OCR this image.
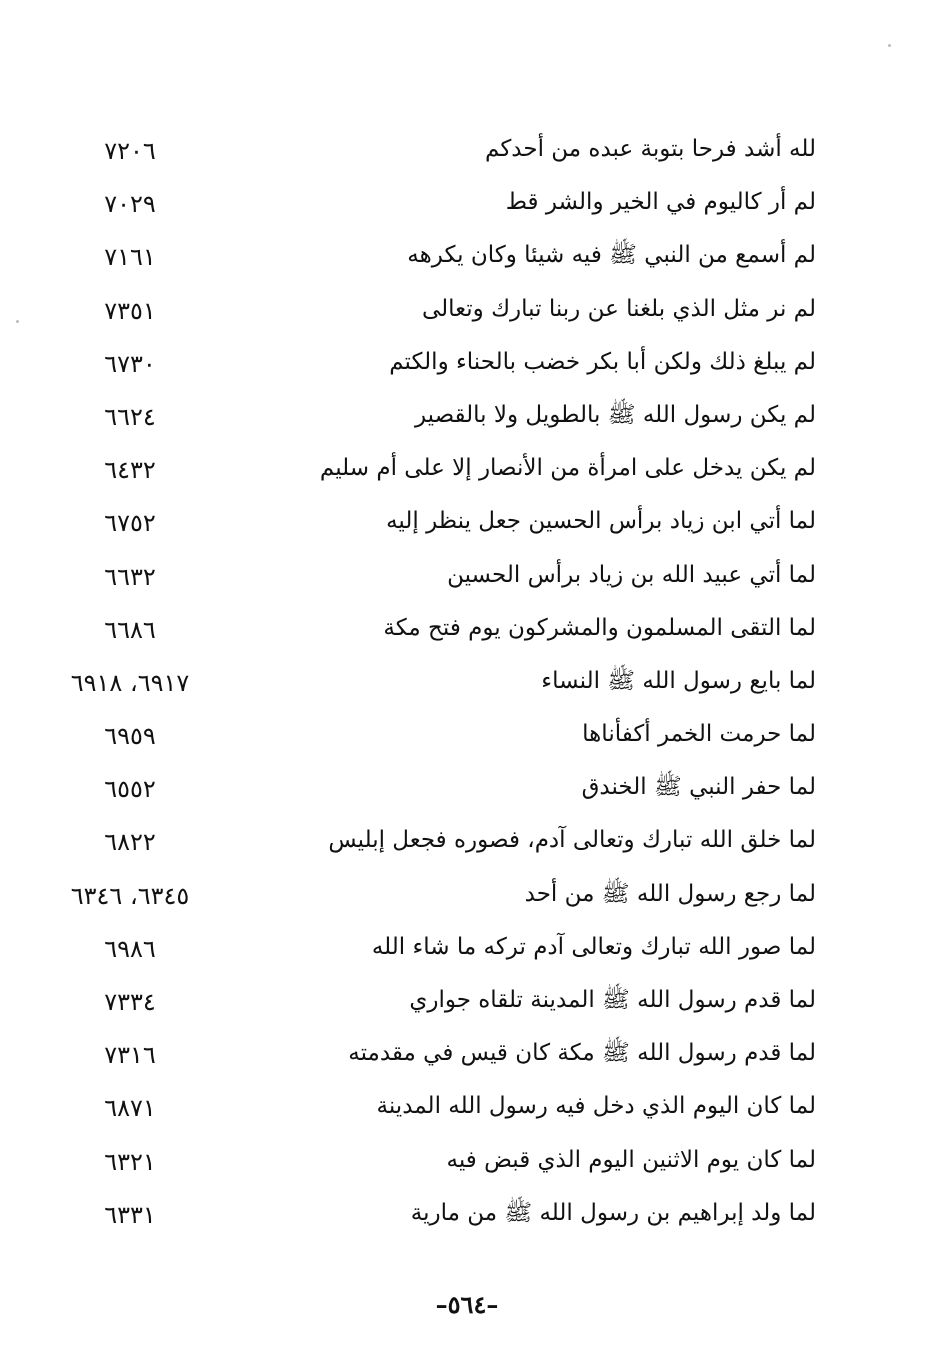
لله أشد فرحا بتوبة عبده من أحدكم
٧٢٠٦
لم أر كاليوم في الخير والشر قط
٧٠٢٩
لم أسمع من النبي ﷺ فيه شيئا وكان يكرهه
٧١٦١
لم نر مثل الذي بلغنا عن ربنا تبارك وتعالى
٧٣٥١
لم يبلغ ذلك ولكن أبا بكر خضب بالحناء والكتم
٦٧٣٠
لم يكن رسول الله ﷺ بالطويل ولا بالقصير
٦٦٢٤
لم يكن يدخل على امرأة من الأنصار إلا على أم سليم
٦٤٣٢
لما أتي ابن زياد برأس الحسين جعل ينظر إليه
٦٧٥٢
لما أتي عبيد الله بن زياد برأس الحسين
٦٦٣٢
لما التقى المسلمون والمشركون يوم فتح مكة
٦٦٨٦
لما بايع رسول الله ﷺ النساء
٦٩١٧، ٦٩١٨
لما حرمت الخمر أكفأناها
٦٩٥٩
لما حفر النبي ﷺ الخندق
٦٥٥٢
لما خلق الله تبارك وتعالى آدم، فصوره فجعل إبليس
٦٨٢٢
لما رجع رسول الله ﷺ من أحد
٦٣٤٥، ٦٣٤٦
لما صور الله تبارك وتعالى آدم تركه ما شاء الله
٦٩٨٦
لما قدم رسول الله ﷺ المدينة تلقاه جواري
٧٣٣٤
لما قدم رسول الله ﷺ مكة كان قيس في مقدمته
٧٣١٦
لما كان اليوم الذي دخل فيه رسول الله المدينة
٦٨٧١
لما كان يوم الاثنين اليوم الذي قبض فيه
٦٣٢١
لما ولد إبراهيم بن رسول الله ﷺ من مارية
٦٣٣١
–٥٦٤–
